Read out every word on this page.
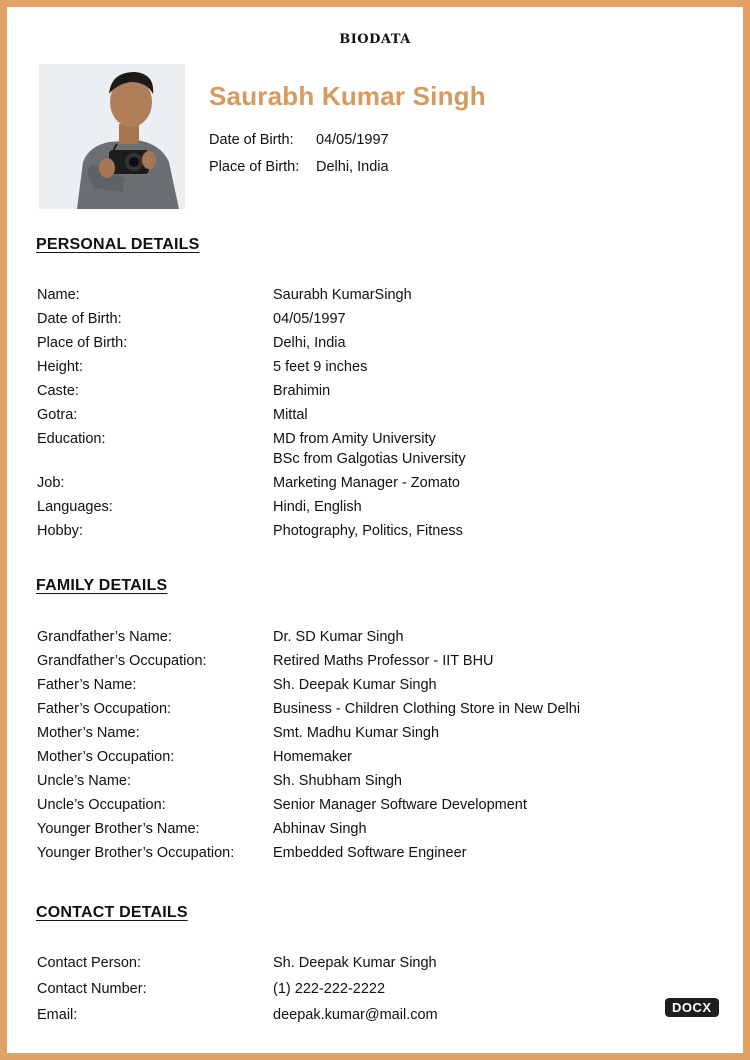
BIODATA
Saurabh Kumar Singh
Date of Birth: 04/05/1997
Place of Birth: Delhi, India
PERSONAL DETAILS
Name:	Saurabh KumarSingh
Date of Birth:	04/05/1997
Place of Birth:	Delhi, India
Height:	5 feet 9 inches
Caste:	Brahimin
Gotra:	Mittal
Education:	MD from Amity University
BSc from Galgotias University
Job:	Marketing Manager - Zomato
Languages:	Hindi, English
Hobby:	Photography, Politics, Fitness
FAMILY DETAILS
Grandfather’s Name:	Dr. SD Kumar Singh
Grandfather’s Occupation:	Retired Maths Professor - IIT BHU
Father’s Name:	Sh. Deepak Kumar Singh
Father’s Occupation:	Business - Children Clothing Store in New Delhi
Mother’s Name:	Smt. Madhu Kumar Singh
Mother’s Occupation:	Homemaker
Uncle’s Name:	Sh. Shubham Singh
Uncle’s Occupation:	Senior Manager Software Development
Younger Brother’s Name:	Abhinav Singh
Younger Brother’s Occupation:	Embedded Software Engineer
CONTACT DETAILS
Contact Person:	Sh. Deepak Kumar Singh
Contact Number:	(1) 222-222-2222
Email:	deepak.kumar@mail.com	DOCX
